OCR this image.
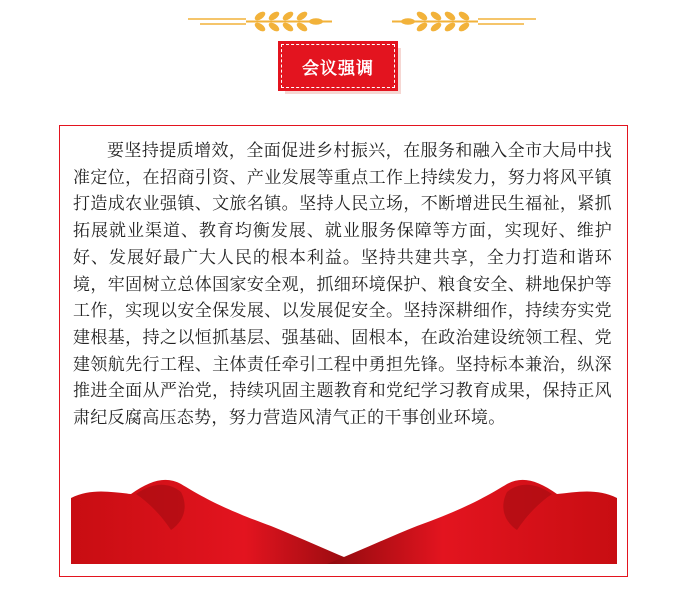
会议强调

要坚持提质增效，全面促进乡村振兴，在服务和融入全市大局中找准定位，在招商引资、产业发展等重点工作上持续发力，努力将风平镇打造成农业强镇、文旅名镇。坚持人民立场，不断增进民生福祉，紧抓拓展就业渠道、教育均衡发展、就业服务保障等方面，实现好、维护好、发展好最广大人民的根本利益。坚持共建共享，全力打造和谐环境，牢固树立总体国家安全观，抓细环境保护、粮食安全、耕地保护等工作，实现以安全保发展、以发展促安全。坚持深耕细作，持续夯实党建根基，持之以恒抓基层、强基础、固根本，在政治建设统领工程、党建领航先行工程、主体责任牵引工程中勇担先锋。坚持标本兼治，纵深推进全面从严治党，持续巩固主题教育和党纪学习教育成果，保持正风肃纪反腐高压态势，努力营造风清气正的干事创业环境。
